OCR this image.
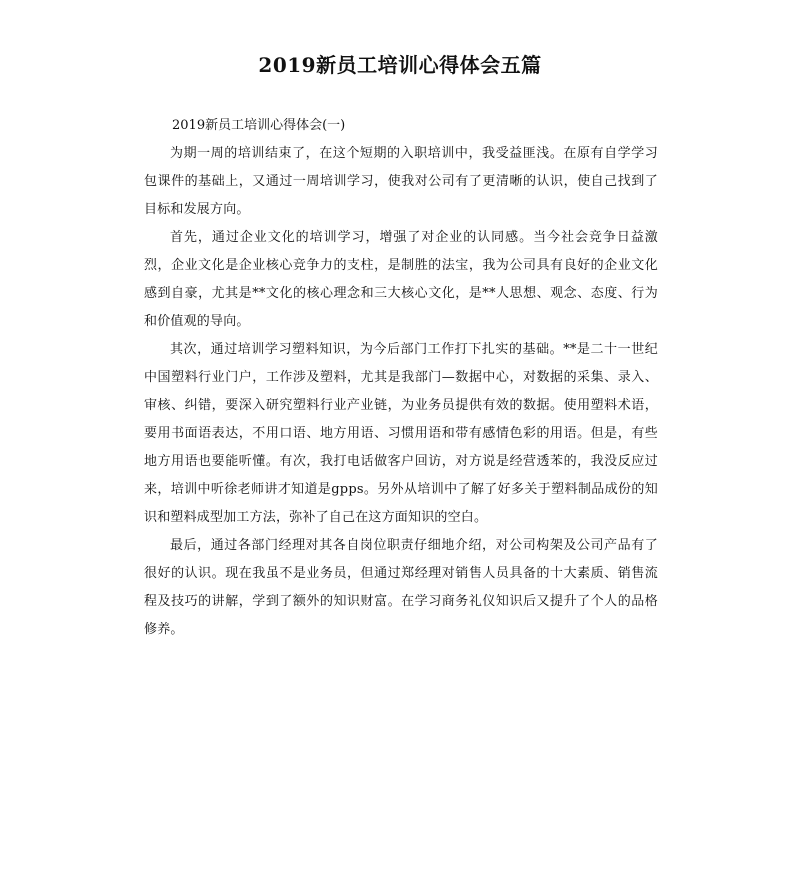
2019新员工培训心得体会五篇

2019新员工培训心得体会(一)

为期一周的培训结束了，在这个短期的入职培训中，我受益匪浅。在原有自学学习包课件的基础上，又通过一周培训学习，使我对公司有了更清晰的认识，使自己找到了目标和发展方向。

首先，通过企业文化的培训学习，增强了对企业的认同感。当今社会竞争日益激烈，企业文化是企业核心竞争力的支柱，是制胜的法宝，我为公司具有良好的企业文化感到自豪，尤其是**文化的核心理念和三大核心文化，是**人思想、观念、态度、行为和价值观的导向。

其次，通过培训学习塑料知识，为今后部门工作打下扎实的基础。**是二十一世纪中国塑料行业门户，工作涉及塑料，尤其是我部门—数据中心，对数据的采集、录入、审核、纠错，要深入研究塑料行业产业链，为业务员提供有效的数据。使用塑料术语，要用书面语表达，不用口语、地方用语、习惯用语和带有感情色彩的用语。但是，有些地方用语也要能听懂。有次，我打电话做客户回访，对方说是经营透苯的，我没反应过来，培训中听徐老师讲才知道是gpps。另外从培训中了解了好多关于塑料制品成份的知识和塑料成型加工方法，弥补了自己在这方面知识的空白。

最后，通过各部门经理对其各自岗位职责仔细地介绍，对公司构架及公司产品有了很好的认识。现在我虽不是业务员，但通过郑经理对销售人员具备的十大素质、销售流程及技巧的讲解，学到了额外的知识财富。在学习商务礼仪知识后又提升了个人的品格修养。
